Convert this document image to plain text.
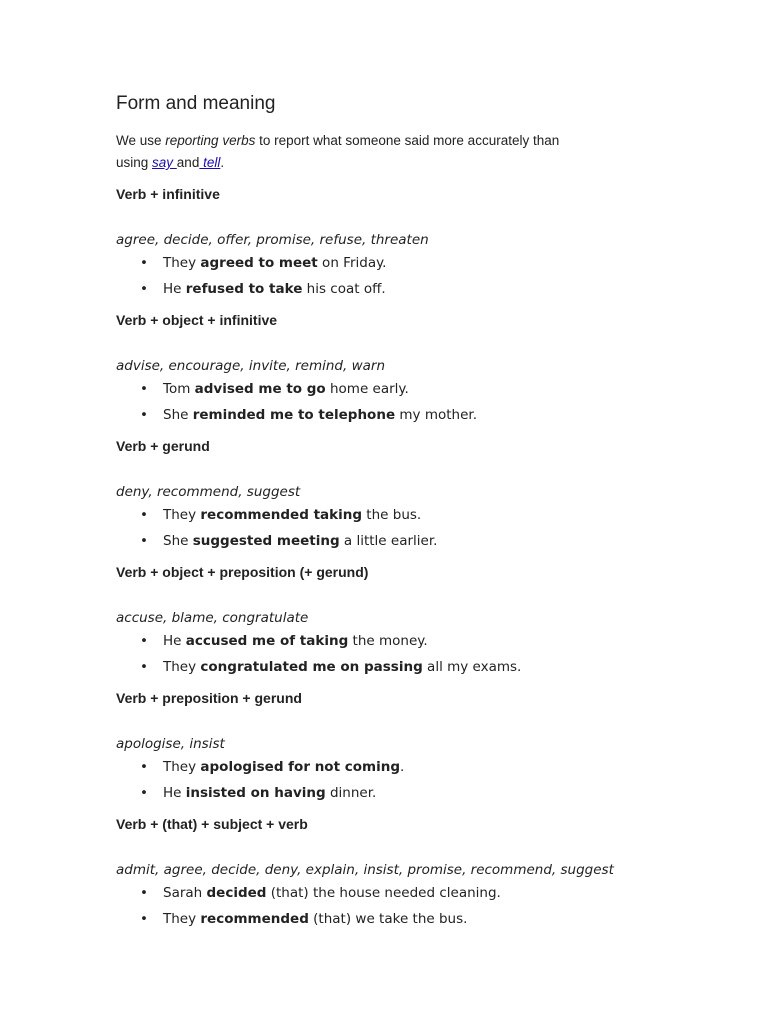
Form and meaning

We use reporting verbs to report what someone said more accurately than using say and tell.

Verb + infinitive

agree, decide, offer, promise, refuse, threaten

• They agreed to meet on Friday.
• He refused to take his coat off.
Verb + object + infinitive

advise, encourage, invite, remind, warn

• Tom advised me to go home early.
• She reminded me to telephone my mother.
Verb + gerund

deny, recommend, suggest

• They recommended taking the bus.
• She suggested meeting a little earlier.
Verb + object + preposition (+ gerund)

accuse, blame, congratulate

• He accused me of taking the money.
• They congratulated me on passing all my exams.
Verb + preposition + gerund

apologise, insist

• They apologised for not coming.
• He insisted on having dinner.
Verb + (that) + subject + verb

admit, agree, decide, deny, explain, insist, promise, recommend, suggest

• Sarah decided (that) the house needed cleaning.
• They recommended (that) we take the bus.
